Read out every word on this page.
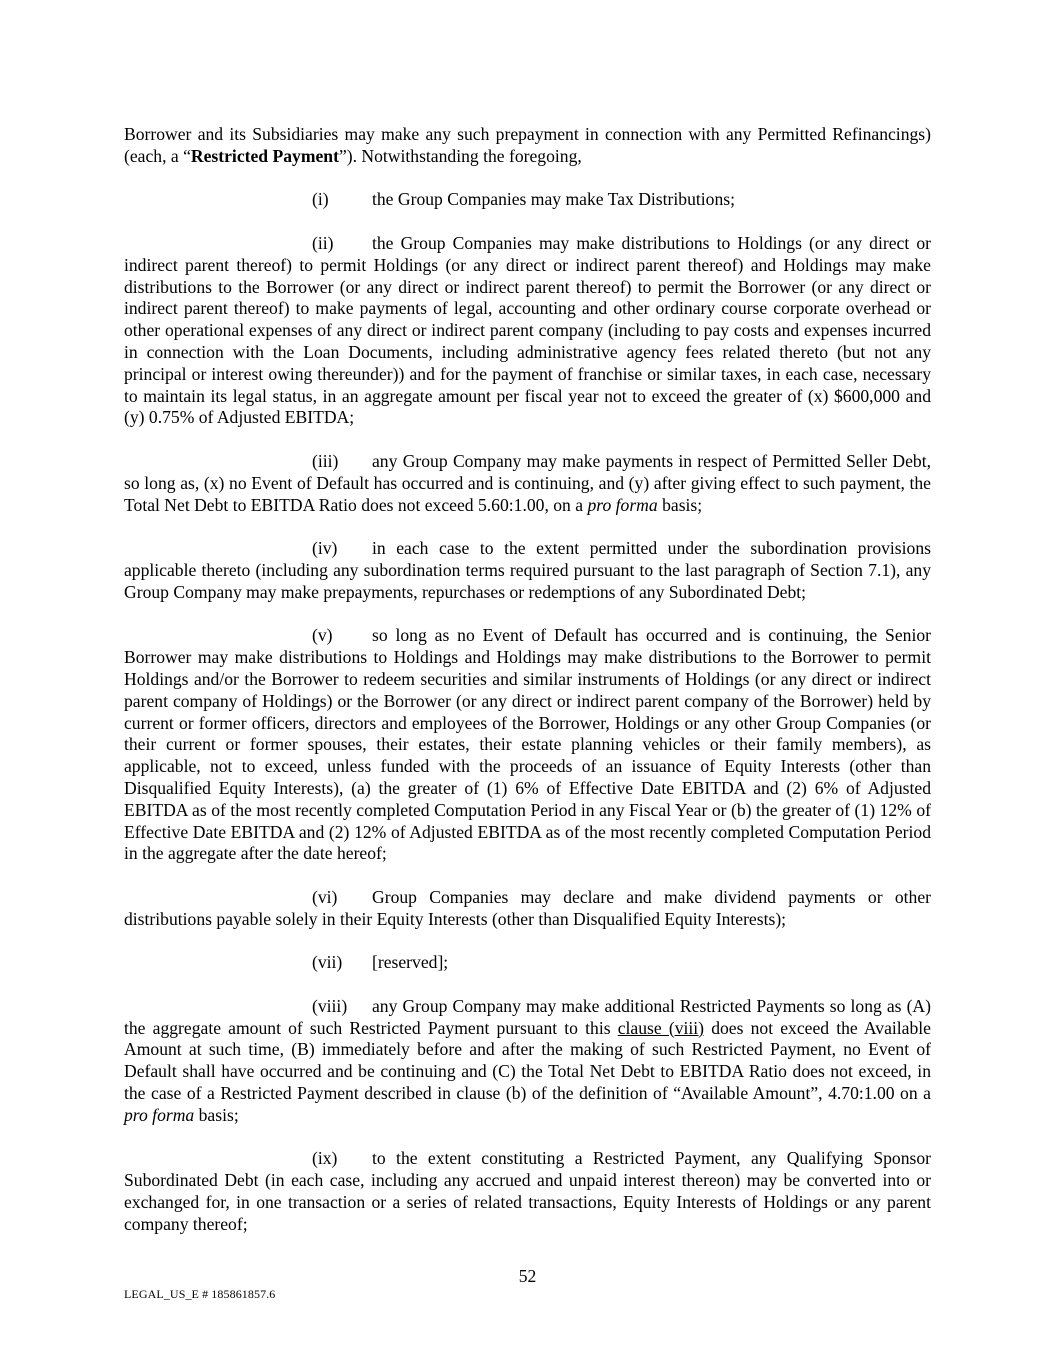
Borrower and its Subsidiaries may make any such prepayment in connection with any Permitted Refinancings) (each, a “Restricted Payment”). Notwithstanding the foregoing,

(i) the Group Companies may make Tax Distributions;

(ii) the Group Companies may make distributions to Holdings (or any direct or indirect parent thereof) to permit Holdings (or any direct or indirect parent thereof) and Holdings may make distributions to the Borrower (or any direct or indirect parent thereof) to permit the Borrower (or any direct or indirect parent thereof) to make payments of legal, accounting and other ordinary course corporate overhead or other operational expenses of any direct or indirect parent company (including to pay costs and expenses incurred in connection with the Loan Documents, including administrative agency fees related thereto (but not any principal or interest owing thereunder)) and for the payment of franchise or similar taxes, in each case, necessary to maintain its legal status, in an aggregate amount per fiscal year not to exceed the greater of (x) $600,000 and (y) 0.75% of Adjusted EBITDA;

(iii) any Group Company may make payments in respect of Permitted Seller Debt, so long as, (x) no Event of Default has occurred and is continuing, and (y) after giving effect to such payment, the Total Net Debt to EBITDA Ratio does not exceed 5.60:1.00, on a pro forma basis;

(iv) in each case to the extent permitted under the subordination provisions applicable thereto (including any subordination terms required pursuant to the last paragraph of Section 7.1), any Group Company may make prepayments, repurchases or redemptions of any Subordinated Debt;

(v) so long as no Event of Default has occurred and is continuing, the Senior Borrower may make distributions to Holdings and Holdings may make distributions to the Borrower to permit Holdings and/or the Borrower to redeem securities and similar instruments of Holdings (or any direct or indirect parent company of Holdings) or the Borrower (or any direct or indirect parent company of the Borrower) held by current or former officers, directors and employees of the Borrower, Holdings or any other Group Companies (or their current or former spouses, their estates, their estate planning vehicles or their family members), as applicable, not to exceed, unless funded with the proceeds of an issuance of Equity Interests (other than Disqualified Equity Interests), (a) the greater of (1) 6% of Effective Date EBITDA and (2) 6% of Adjusted EBITDA as of the most recently completed Computation Period in any Fiscal Year or (b) the greater of (1) 12% of Effective Date EBITDA and (2) 12% of Adjusted EBITDA as of the most recently completed Computation Period in the aggregate after the date hereof;

(vi) Group Companies may declare and make dividend payments or other distributions payable solely in their Equity Interests (other than Disqualified Equity Interests);

(vii) [reserved];

(viii) any Group Company may make additional Restricted Payments so long as (A) the aggregate amount of such Restricted Payment pursuant to this clause (viii) does not exceed the Available Amount at such time, (B) immediately before and after the making of such Restricted Payment, no Event of Default shall have occurred and be continuing and (C) the Total Net Debt to EBITDA Ratio does not exceed, in the case of a Restricted Payment described in clause (b) of the definition of “Available Amount”, 4.70:1.00 on a pro forma basis;

(ix) to the extent constituting a Restricted Payment, any Qualifying Sponsor Subordinated Debt (in each case, including any accrued and unpaid interest thereon) may be converted into or exchanged for, in one transaction or a series of related transactions, Equity Interests of Holdings or any parent company thereof;

52
LEGAL_US_E # 185861857.6
